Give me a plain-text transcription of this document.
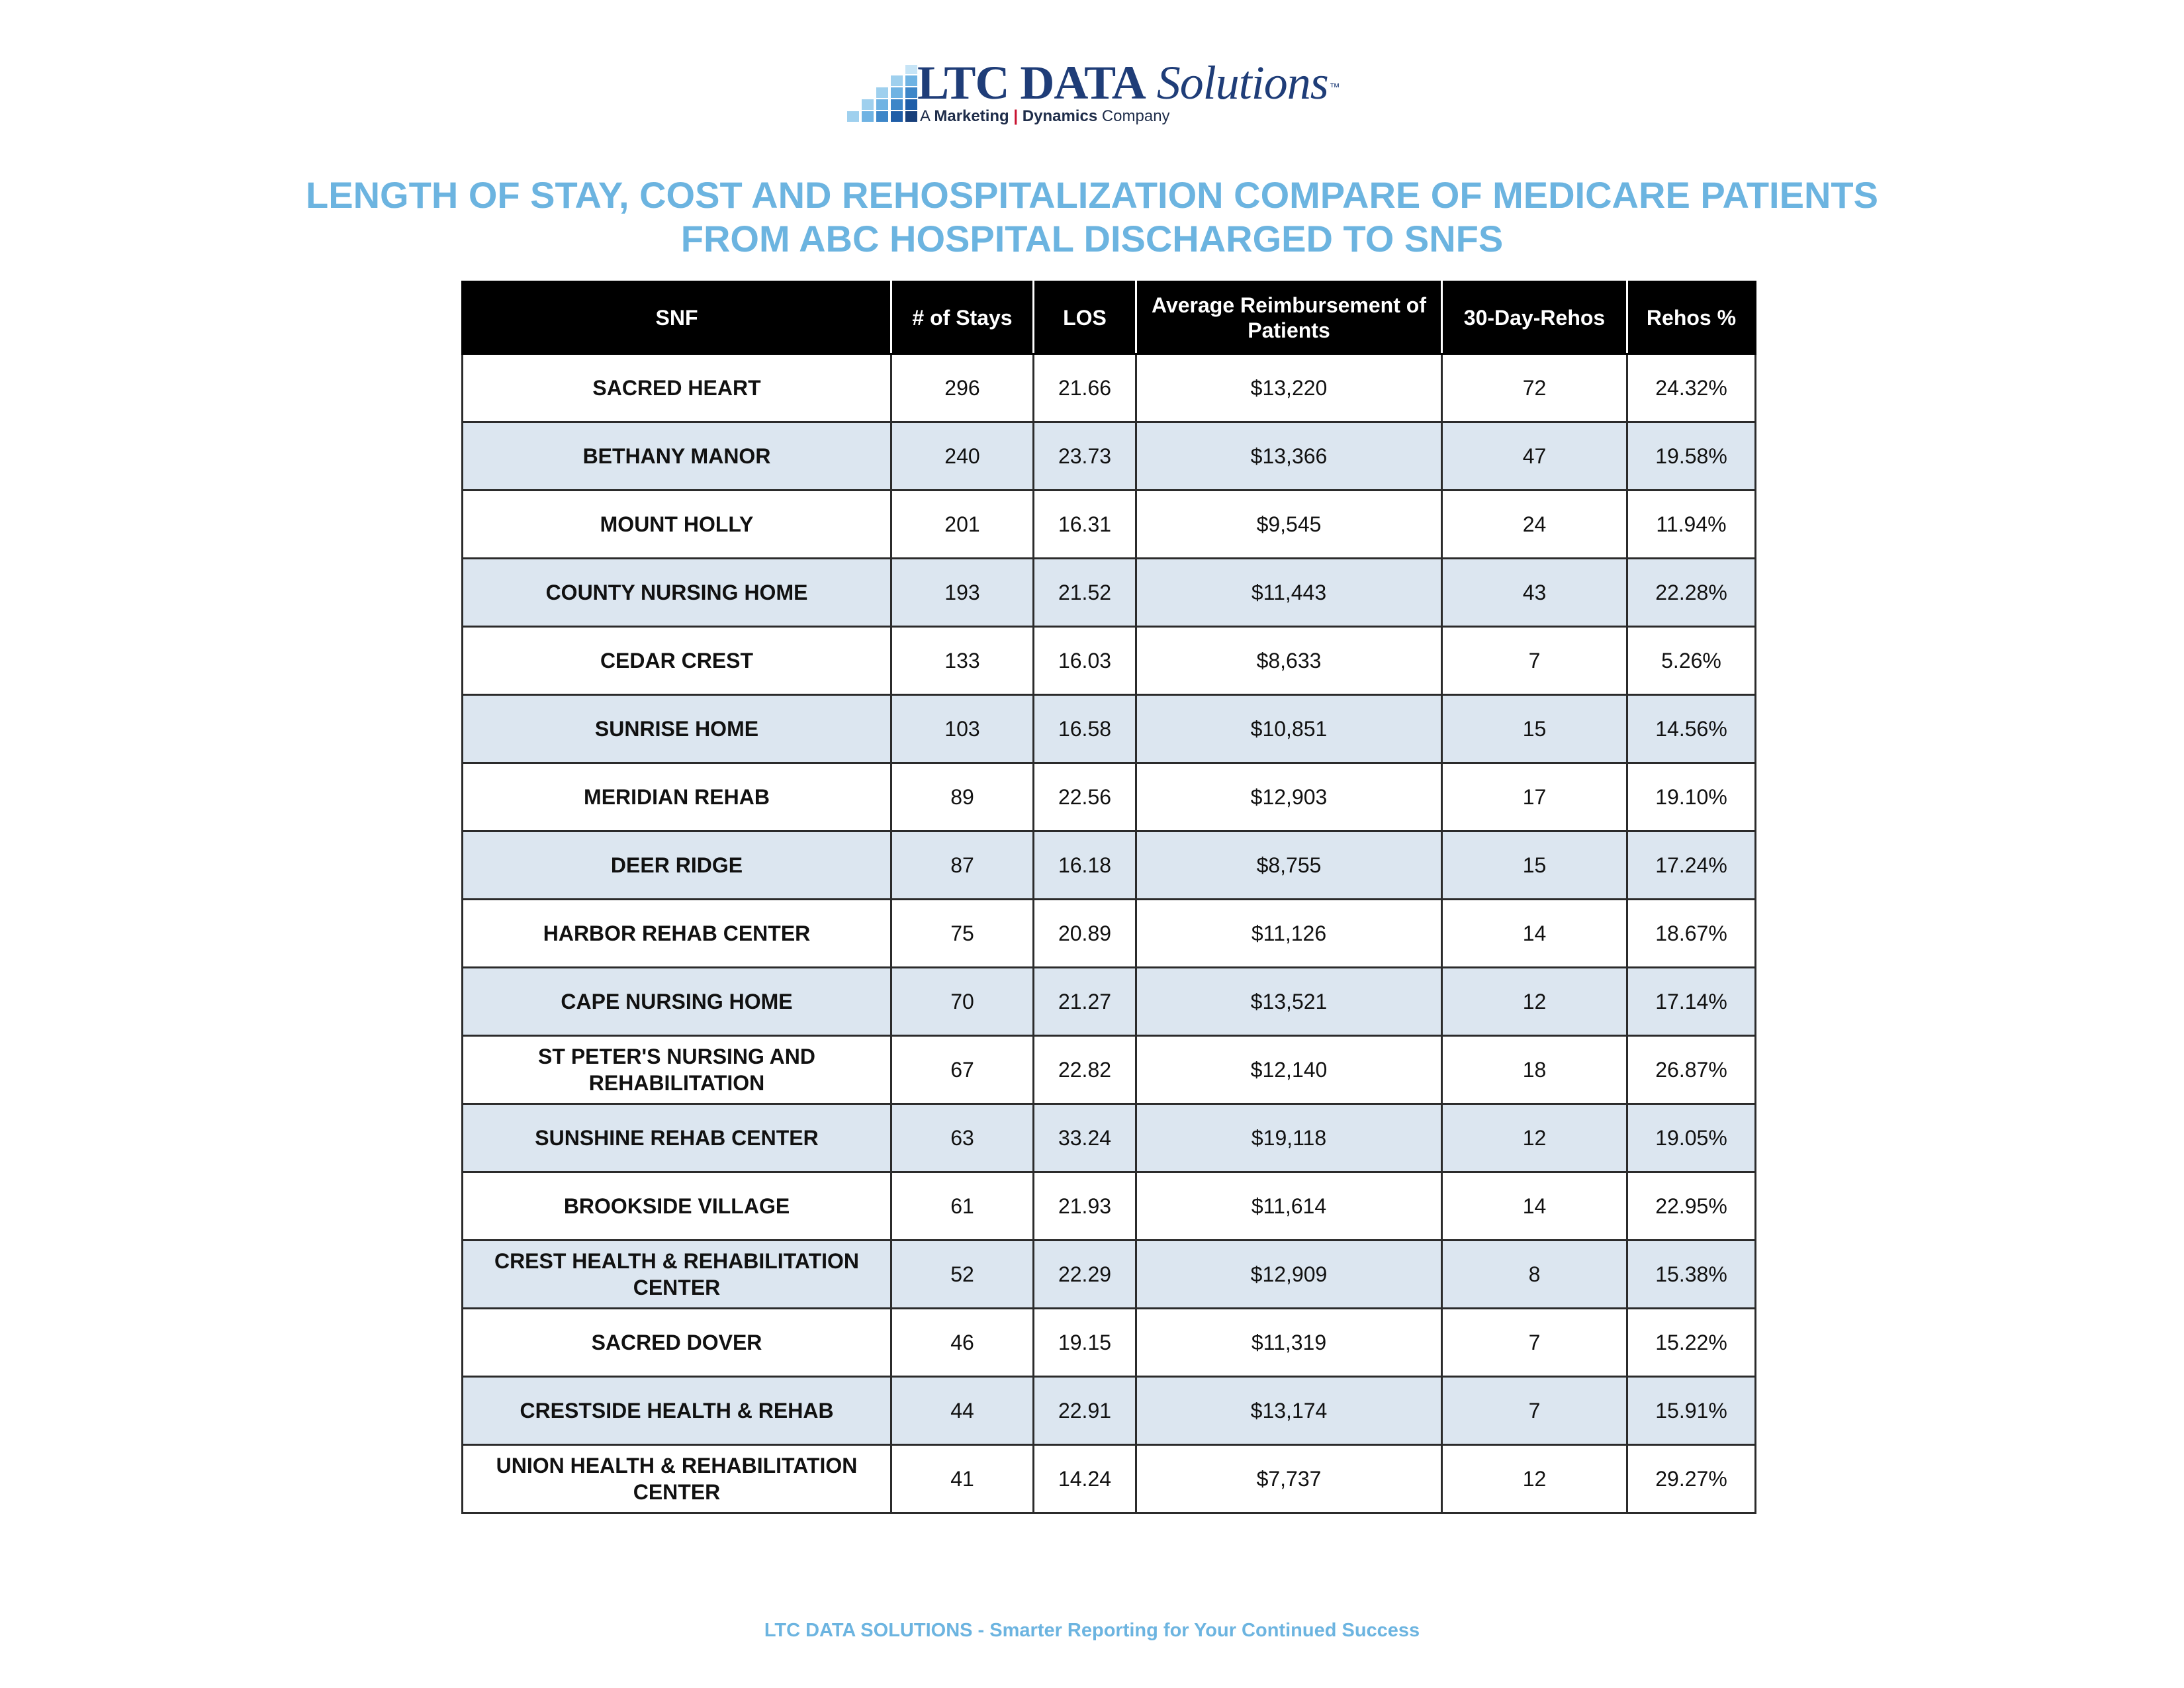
LTC DATA Solutions ™
A Marketing | Dynamics Company
LENGTH OF STAY, COST AND REHOSPITALIZATION COMPARE OF MEDICARE PATIENTS
FROM ABC HOSPITAL DISCHARGED TO SNFS
SNF	# of Stays	LOS	Average Reimbursement of Patients	30-Day-Rehos	Rehos %
SACRED HEART	296	21.66	$13,220	72	24.32%
BETHANY MANOR	240	23.73	$13,366	47	19.58%
MOUNT HOLLY	201	16.31	$9,545	24	11.94%
COUNTY NURSING HOME	193	21.52	$11,443	43	22.28%
CEDAR CREST	133	16.03	$8,633	7	5.26%
SUNRISE HOME	103	16.58	$10,851	15	14.56%
MERIDIAN REHAB	89	22.56	$12,903	17	19.10%
DEER RIDGE	87	16.18	$8,755	15	17.24%
HARBOR REHAB CENTER	75	20.89	$11,126	14	18.67%
CAPE NURSING HOME	70	21.27	$13,521	12	17.14%
ST PETER'S NURSING AND REHABILITATION	67	22.82	$12,140	18	26.87%
SUNSHINE REHAB CENTER	63	33.24	$19,118	12	19.05%
BROOKSIDE VILLAGE	61	21.93	$11,614	14	22.95%
CREST HEALTH & REHABILITATION CENTER	52	22.29	$12,909	8	15.38%
SACRED DOVER	46	19.15	$11,319	7	15.22%
CRESTSIDE HEALTH & REHAB	44	22.91	$13,174	7	15.91%
UNION HEALTH & REHABILITATION CENTER	41	14.24	$7,737	12	29.27%
LTC DATA SOLUTIONS - Smarter Reporting for Your Continued Success
